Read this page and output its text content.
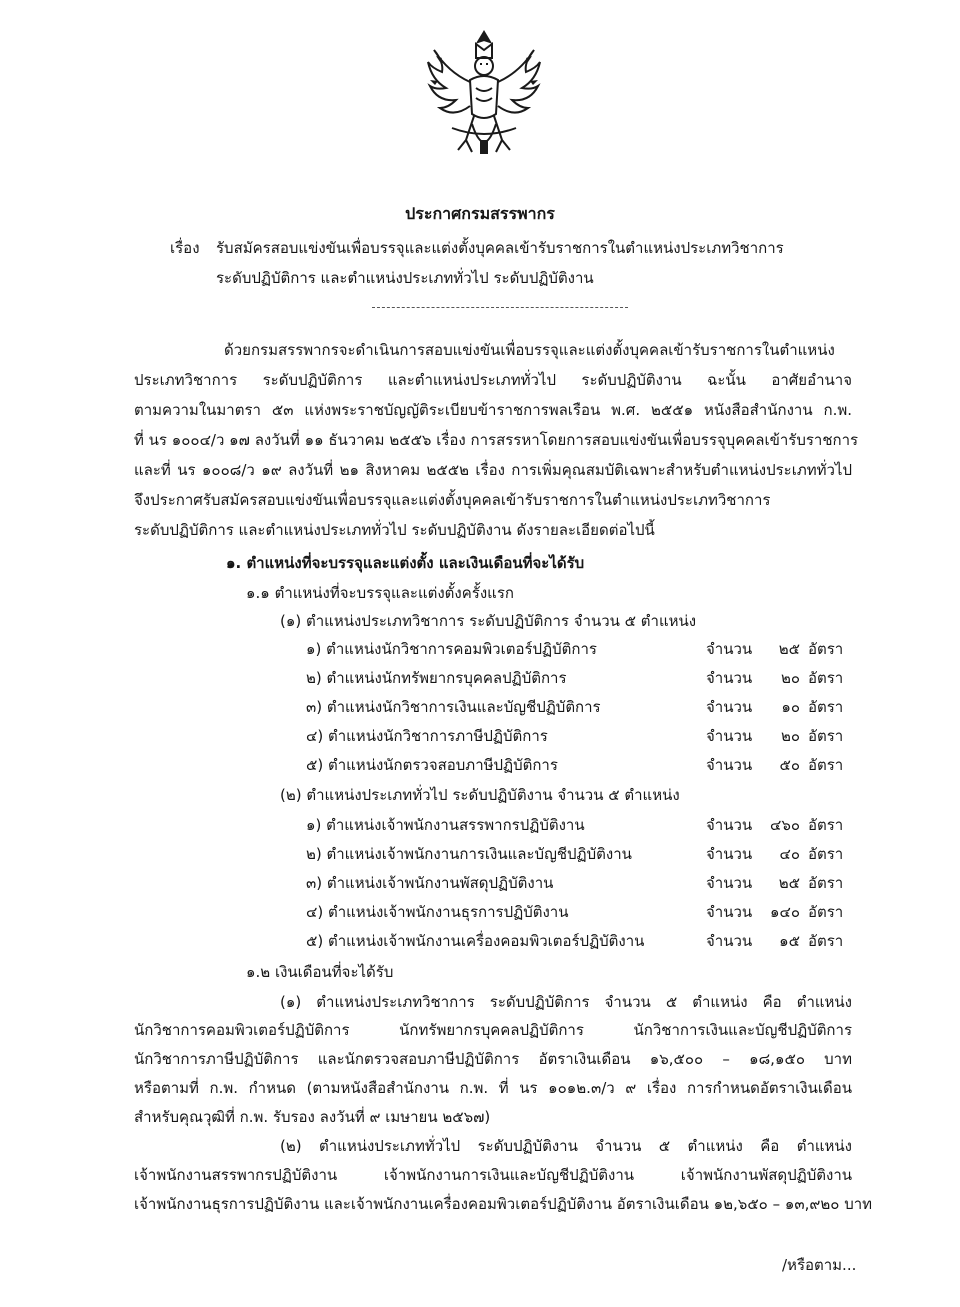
ประกาศกรมสรรพากร
เรื่อง รับสมัครสอบแข่งขันเพื่อบรรจุและแต่งตั้งบุคคลเข้ารับราชการในตำแหน่งประเภทวิชาการ
ระดับปฏิบัติการ และตำแหน่งประเภททั่วไป ระดับปฏิบัติงาน
ด้วยกรมสรรพากรจะดำเนินการสอบแข่งขันเพื่อบรรจุและแต่งตั้งบุคคลเข้ารับราชการในตำแหน่ง
ประเภทวิชาการ ระดับปฏิบัติการ และตำแหน่งประเภททั่วไป ระดับปฏิบัติงาน ฉะนั้น อาศัยอำนาจ
ตามความในมาตรา ๕๓ แห่งพระราชบัญญัติระเบียบข้าราชการพลเรือน พ.ศ. ๒๕๕๑ หนังสือสำนักงาน ก.พ.
ที่ นร ๑๐๐๔/ว ๑๗ ลงวันที่ ๑๑ ธันวาคม ๒๕๕๖ เรื่อง การสรรหาโดยการสอบแข่งขันเพื่อบรรจุบุคคลเข้ารับราชการ
และที่ นร ๑๐๐๘/ว ๑๙ ลงวันที่ ๒๑ สิงหาคม ๒๕๕๒ เรื่อง การเพิ่มคุณสมบัติเฉพาะสำหรับตำแหน่งประเภททั่วไป
จึงประกาศรับสมัครสอบแข่งขันเพื่อบรรจุและแต่งตั้งบุคคลเข้ารับราชการในตำแหน่งประเภทวิชาการ
ระดับปฏิบัติการ และตำแหน่งประเภททั่วไป ระดับปฏิบัติงาน ดังรายละเอียดต่อไปนี้
๑. ตำแหน่งที่จะบรรจุและแต่งตั้ง และเงินเดือนที่จะได้รับ
๑.๑ ตำแหน่งที่จะบรรจุและแต่งตั้งครั้งแรก
(๑) ตำแหน่งประเภทวิชาการ ระดับปฏิบัติการ จำนวน ๕ ตำแหน่ง
๑) ตำแหน่งนักวิชาการคอมพิวเตอร์ปฏิบัติการ	จำนวน	๒๕ อัตรา
๒) ตำแหน่งนักทรัพยากรบุคคลปฏิบัติการ	จำนวน	๒๐ อัตรา
๓) ตำแหน่งนักวิชาการเงินและบัญชีปฏิบัติการ	จำนวน	๑๐ อัตรา
๔) ตำแหน่งนักวิชาการภาษีปฏิบัติการ	จำนวน	๒๐ อัตรา
๕) ตำแหน่งนักตรวจสอบภาษีปฏิบัติการ	จำนวน	๕๐ อัตรา
(๒) ตำแหน่งประเภททั่วไป ระดับปฏิบัติงาน จำนวน ๕ ตำแหน่ง
๑) ตำแหน่งเจ้าพนักงานสรรพากรปฏิบัติงาน	จำนวน	๔๖๐ อัตรา
๒) ตำแหน่งเจ้าพนักงานการเงินและบัญชีปฏิบัติงาน	จำนวน	๔๐ อัตรา
๓) ตำแหน่งเจ้าพนักงานพัสดุปฏิบัติงาน	จำนวน	๒๕ อัตรา
๔) ตำแหน่งเจ้าพนักงานธุรการปฏิบัติงาน	จำนวน	๑๔๐ อัตรา
๕) ตำแหน่งเจ้าพนักงานเครื่องคอมพิวเตอร์ปฏิบัติงาน	จำนวน	๑๕ อัตรา
๑.๒ เงินเดือนที่จะได้รับ
(๑) ตำแหน่งประเภทวิชาการ ระดับปฏิบัติการ จำนวน ๕ ตำแหน่ง คือ ตำแหน่ง
นักวิชาการคอมพิวเตอร์ปฏิบัติการ นักทรัพยากรบุคคลปฏิบัติการ นักวิชาการเงินและบัญชีปฏิบัติการ
นักวิชาการภาษีปฏิบัติการ และนักตรวจสอบภาษีปฏิบัติการ อัตราเงินเดือน ๑๖,๕๐๐ – ๑๘,๑๕๐ บาท
หรือตามที่ ก.พ. กำหนด (ตามหนังสือสำนักงาน ก.พ. ที่ นร ๑๐๑๒.๓/ว ๙ เรื่อง การกำหนดอัตราเงินเดือน
สำหรับคุณวุฒิที่ ก.พ. รับรอง ลงวันที่ ๙ เมษายน ๒๕๖๗)
(๒) ตำแหน่งประเภททั่วไป ระดับปฏิบัติงาน จำนวน ๕ ตำแหน่ง คือ ตำแหน่ง
เจ้าพนักงานสรรพากรปฏิบัติงาน เจ้าพนักงานการเงินและบัญชีปฏิบัติงาน เจ้าพนักงานพัสดุปฏิบัติงาน
เจ้าพนักงานธุรการปฏิบัติงาน และเจ้าพนักงานเครื่องคอมพิวเตอร์ปฏิบัติงาน อัตราเงินเดือน ๑๒,๖๕๐ – ๑๓,๙๒๐ บาท
/หรือตาม...
